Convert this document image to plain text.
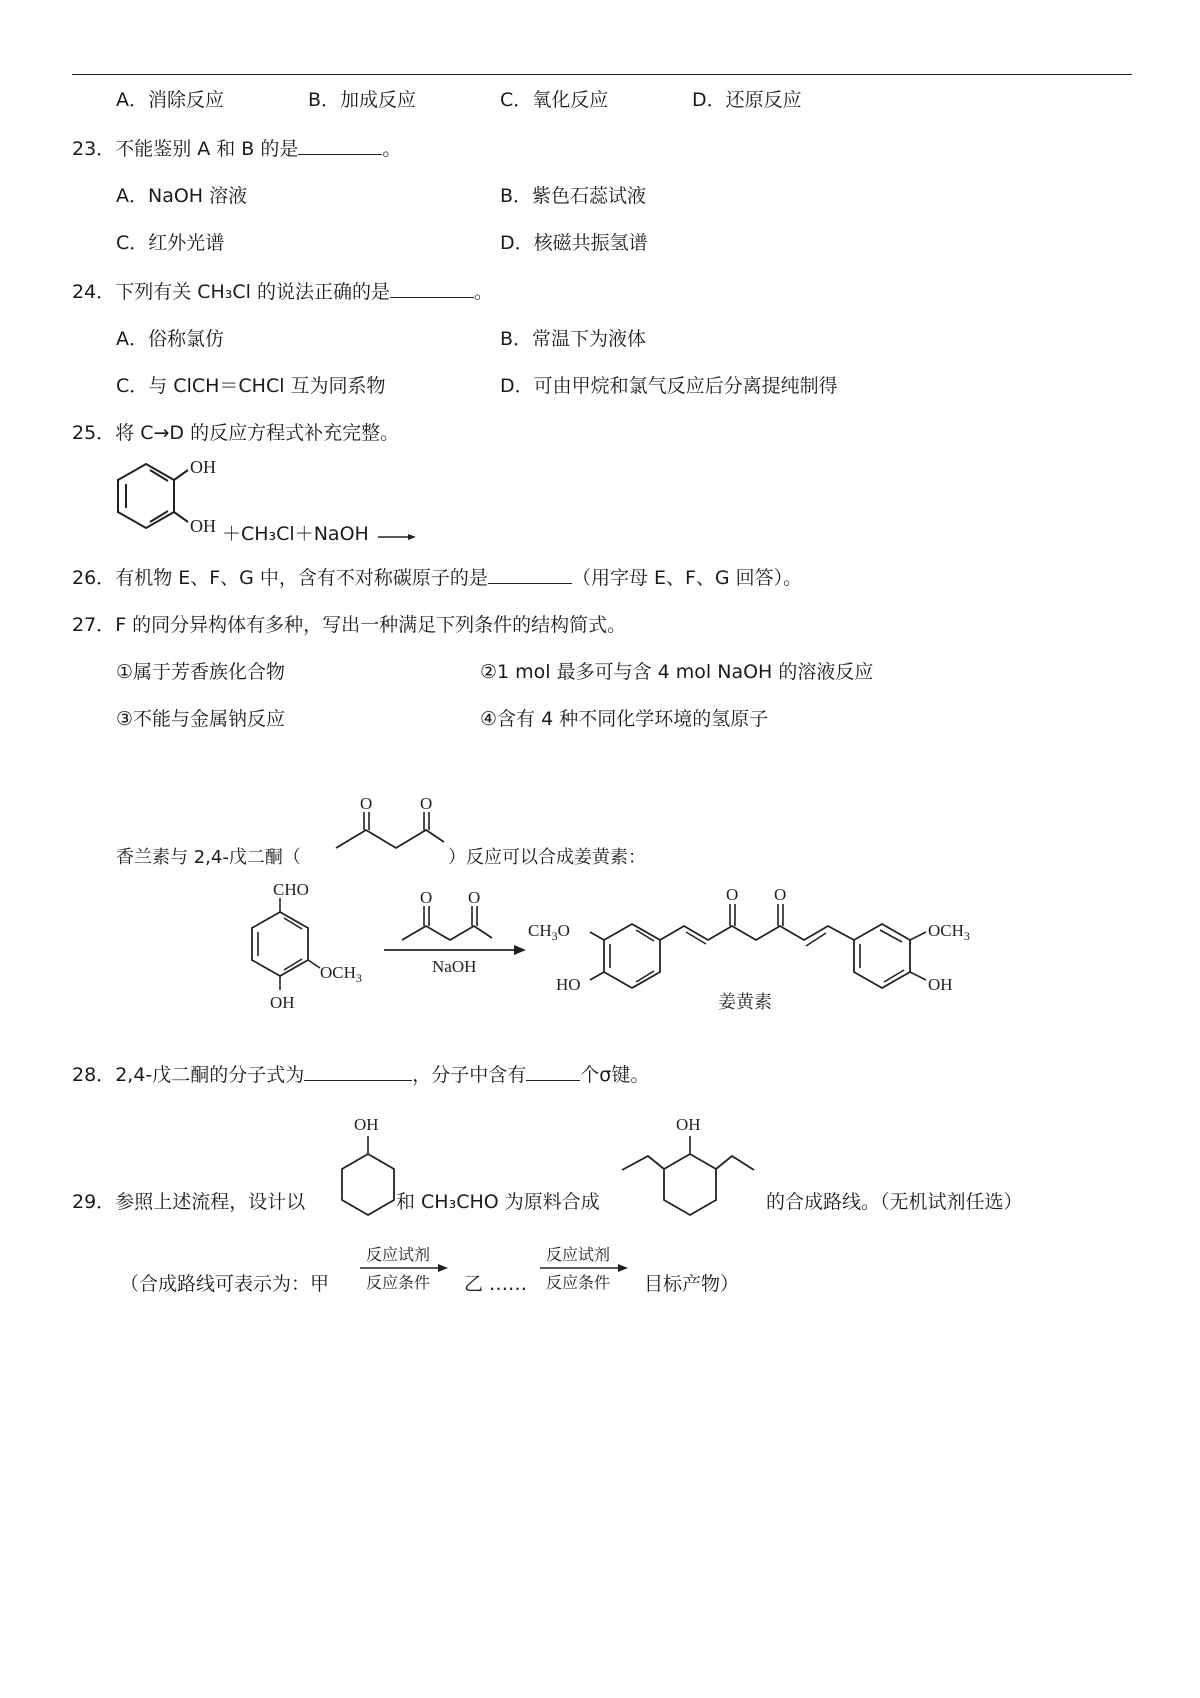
A．消除反应	B．加成反应	C．氧化反应	D．还原反应
23．不能鉴别 A 和 B 的是	。
A．NaOH 溶液	B．紫色石蕊试液
C．红外光谱	D．核磁共振氢谱
24．下列有关 CH₃Cl 的说法正确的是	。
A．俗称氯仿	B．常温下为液体
C．与 ClCH＝CHCl 互为同系物	D．可由甲烷和氯气反应后分离提纯制得
25．将 C→D 的反应方程式补充完整。
OH
OH ＋CH₃Cl＋NaOH →
26．有机物 E、F、G 中，含有不对称碳原子的是	（用字母 E、F、G 回答）。
27．F 的同分异构体有多种，写出一种满足下列条件的结构简式。
①属于芳香族化合物	②1 mol 最多可与含 4 mol NaOH 的溶液反应
③不能与金属钠反应	④含有 4 种不同化学环境的氢原子
香兰素与 2,4-戊二酮（
O	O
）反应可以合成姜黄素：
CHO
$OCH_3$
OH
O O
NaOH
$CH_3O$
HO
O O
$OCH_3$
OH
姜黄素
28．2,4-戊二酮的分子式为	，分子中含有	个σ键。
29．参照上述流程，设计以
OH
和 CH₃CHO 为原料合成
OH
的合成路线。（无机试剂任选）
（合成路线可表示为：甲
反应试剂
反应条件 乙 ……
反应试剂
反应条件 目标产物）
